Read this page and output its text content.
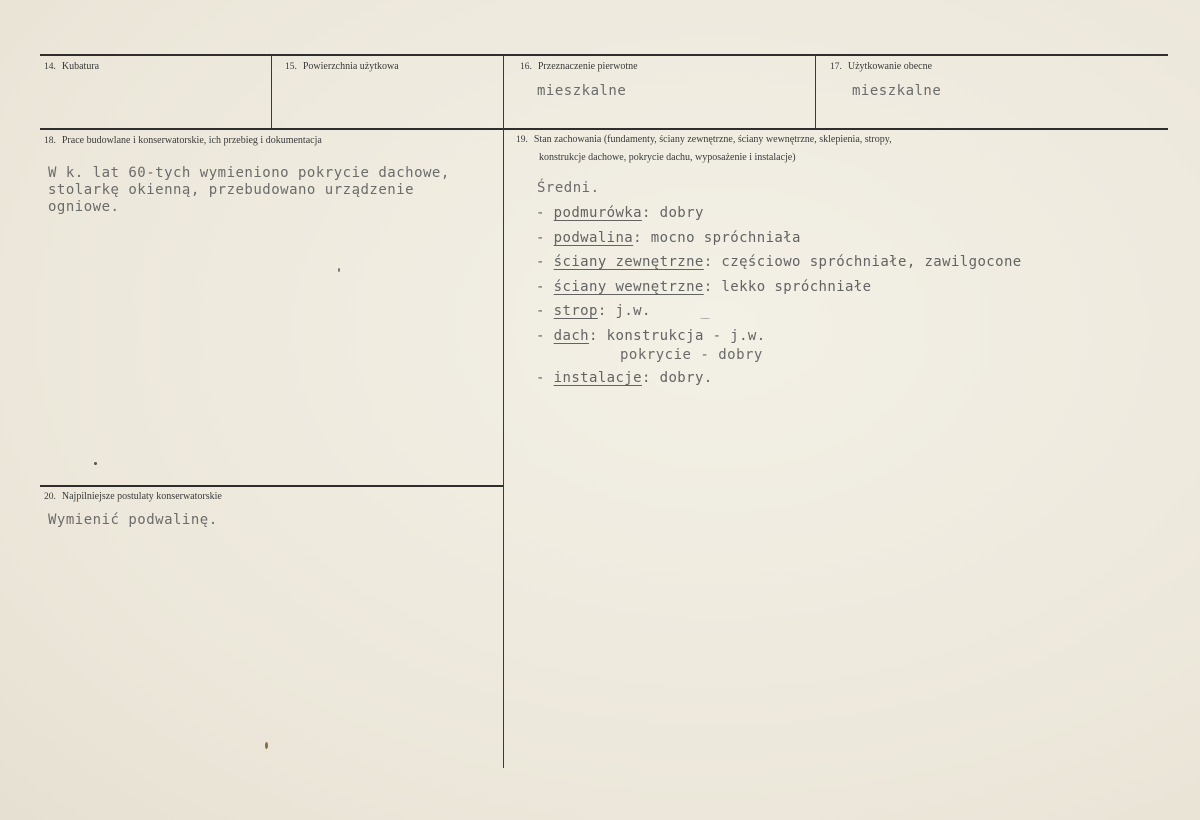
14. Kubatura	15. Powierzchnia użytkowa	16. Przeznaczenie pierwotne
mieszkalne
17. Użytkowanie obecne
mieszkalne
18. Prace budowlane i konserwatorskie, ich przebieg i dokumentacja
W k. lat 60-tych wymieniono pokrycie dachowe,
stolarkę okienną, przebudowano urządzenie
ogniowe.
19. Stan zachowania (fundamenty, ściany zewnętrzne, ściany wewnętrzne, sklepienia, stropy,
konstrukcje dachowe, pokrycie dachu, wyposażenie i instalacje)
Średni.
- podmurówka: dobry
- podwalina: mocno spróchniała
- ściany zewnętrzne: częściowo spróchniałe, zawilgocone
- ściany wewnętrzne: lekko spróchniałe
- strop: j.w.
- dach: konstrukcja - j.w.
- instalacje: dobry.
pokrycie - dobry
20. Najpilniejsze postulaty konserwatorskie
Wymienić podwalinę.
